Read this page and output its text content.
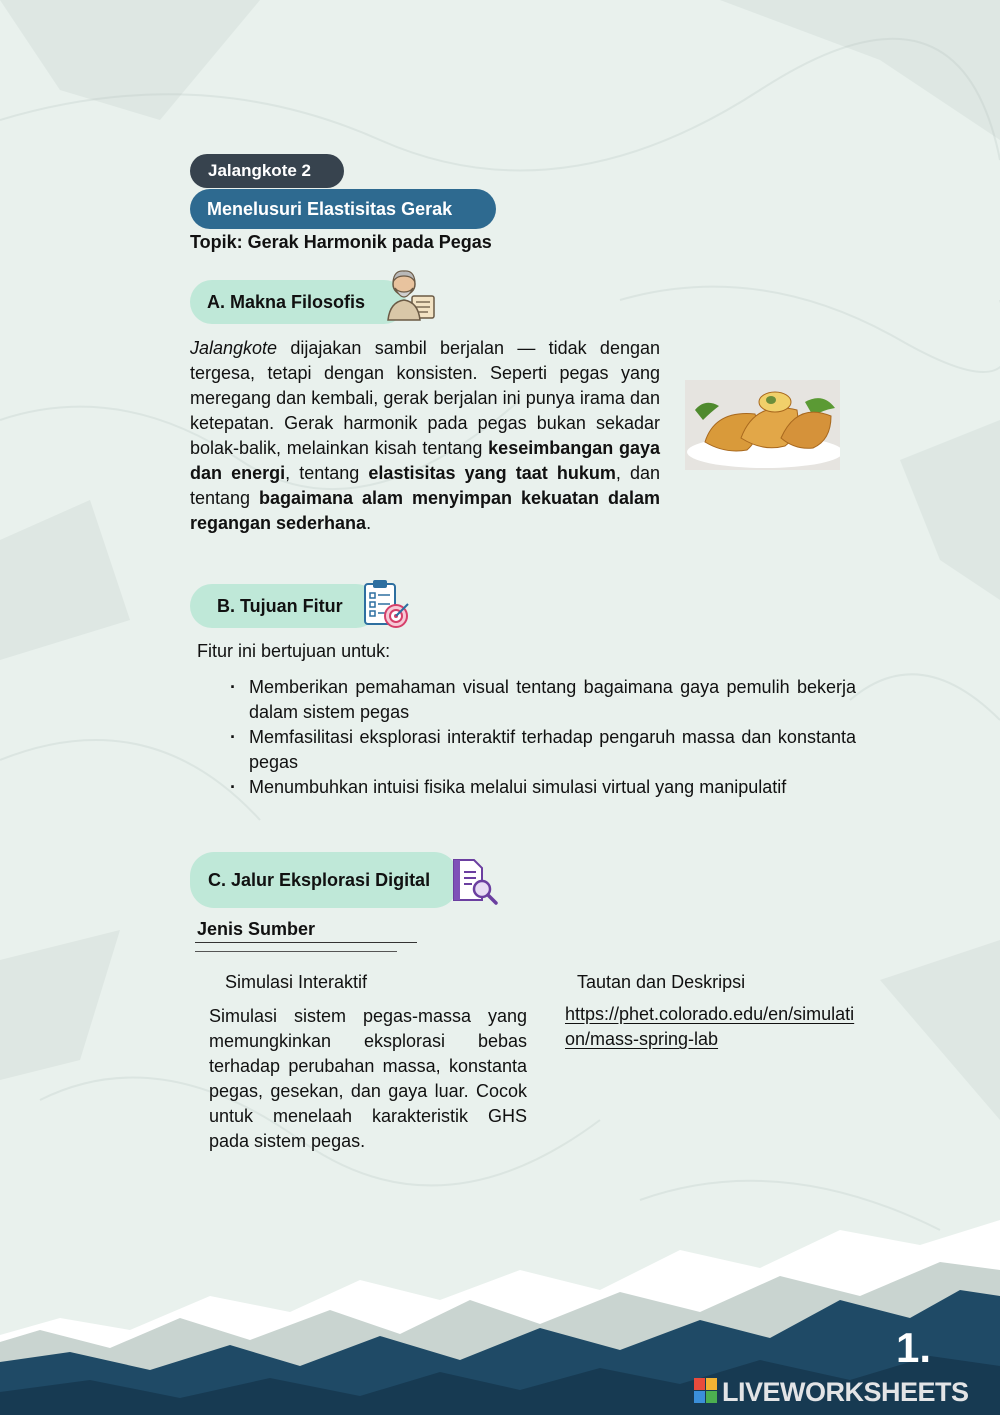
Jalangkote 2
Menelusuri Elastisitas Gerak
Topik: Gerak Harmonik pada Pegas
A. Makna Filosofis
Jalangkote dijajakan sambil berjalan — tidak dengan tergesa, tetapi dengan konsisten. Seperti pegas yang meregang dan kembali, gerak berjalan ini punya irama dan ketepatan. Gerak harmonik pada pegas bukan sekadar bolak-balik, melainkan kisah tentang keseimbangan gaya dan energi, tentang elastisitas yang taat hukum, dan tentang bagaimana alam menyimpan kekuatan dalam regangan sederhana.
B. Tujuan Fitur
Fitur ini bertujuan untuk:
· Memberikan pemahaman visual tentang bagaimana gaya pemulih bekerja dalam sistem pegas
· Memfasilitasi eksplorasi interaktif terhadap pengaruh massa dan konstanta pegas
· Menumbuhkan intuisi fisika melalui simulasi virtual yang manipulatif
C. Jalur Eksplorasi Digital
Jenis Sumber
Simulasi Interaktif	Tautan dan Deskripsi
Simulasi sistem pegas-massa yang memungkinkan eksplorasi bebas terhadap perubahan massa, konstanta pegas, gesekan, dan gaya luar. Cocok untuk menelaah karakteristik GHS pada sistem pegas.
https://phet.colorado.edu/en/simulation/mass-spring-lab
1.
LIVEWORKSHEETS
